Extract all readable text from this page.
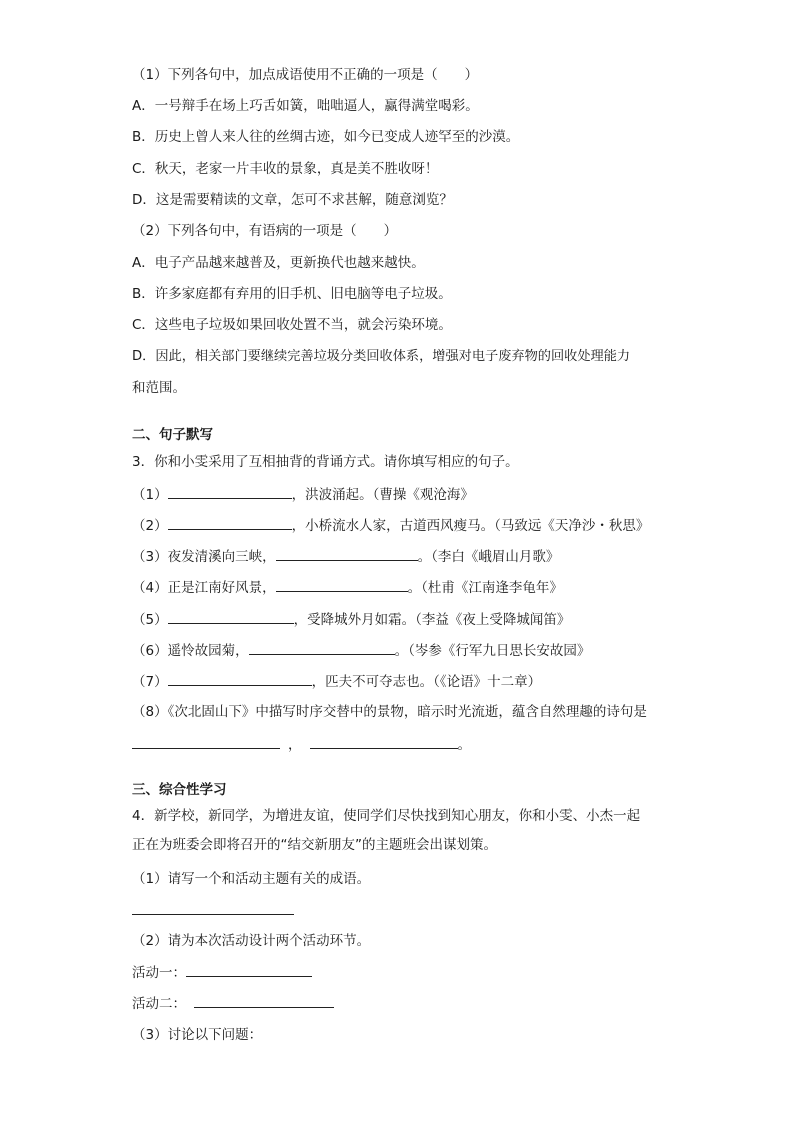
（1）下列各句中，加点成语使用不正确的一项是（　　）
A．一号辩手在场上巧舌如簧，咄咄逼人，赢得满堂喝彩。
B．历史上曾人来人往的丝绸古迹，如今已变成人迹罕至的沙漠。
C．秋天，老家一片丰收的景象，真是美不胜收呀！
D．这是需要精读的文章，怎可不求甚解，随意浏览？
（2）下列各句中，有语病的一项是（　　）
A．电子产品越来越普及，更新换代也越来越快。
B．许多家庭都有弃用的旧手机、旧电脑等电子垃圾。
C．这些电子垃圾如果回收处置不当，就会污染环境。
D．因此，相关部门要继续完善垃圾分类回收体系，增强对电子废弃物的回收处理能力
和范围。
二、句子默写
3．你和小雯采用了互相抽背的背诵方式。请你填写相应的句子。
（1）	，洪波涌起。（曹操《观沧海》
（2）	，小桥流水人家，古道西风瘦马。（马致远《天净沙・秋思》
（3）夜发清溪向三峡，	。（李白《峨眉山月歌》
（4）正是江南好风景，	。（杜甫《江南逢李龟年》
（5）	，受降城外月如霜。（李益《夜上受降城闻笛》
（6）遥怜故园菊，	。（岑参《行军九日思长安故园》
（7）	，匹夫不可夺志也。（《论语》十二章）
（8）《次北固山下》中描写时序交替中的景物，暗示时光流逝，蕴含自然理趣的诗句是
，	。
三、综合性学习
4．新学校，新同学，为增进友谊，使同学们尽快找到知心朋友，你和小雯、小杰一起
正在为班委会即将召开的“结交新朋友”的主题班会出谋划策。
（1）请写一个和活动主题有关的成语。
（2）请为本次活动设计两个活动环节。
活动一：
活动二：
（3）讨论以下问题：
